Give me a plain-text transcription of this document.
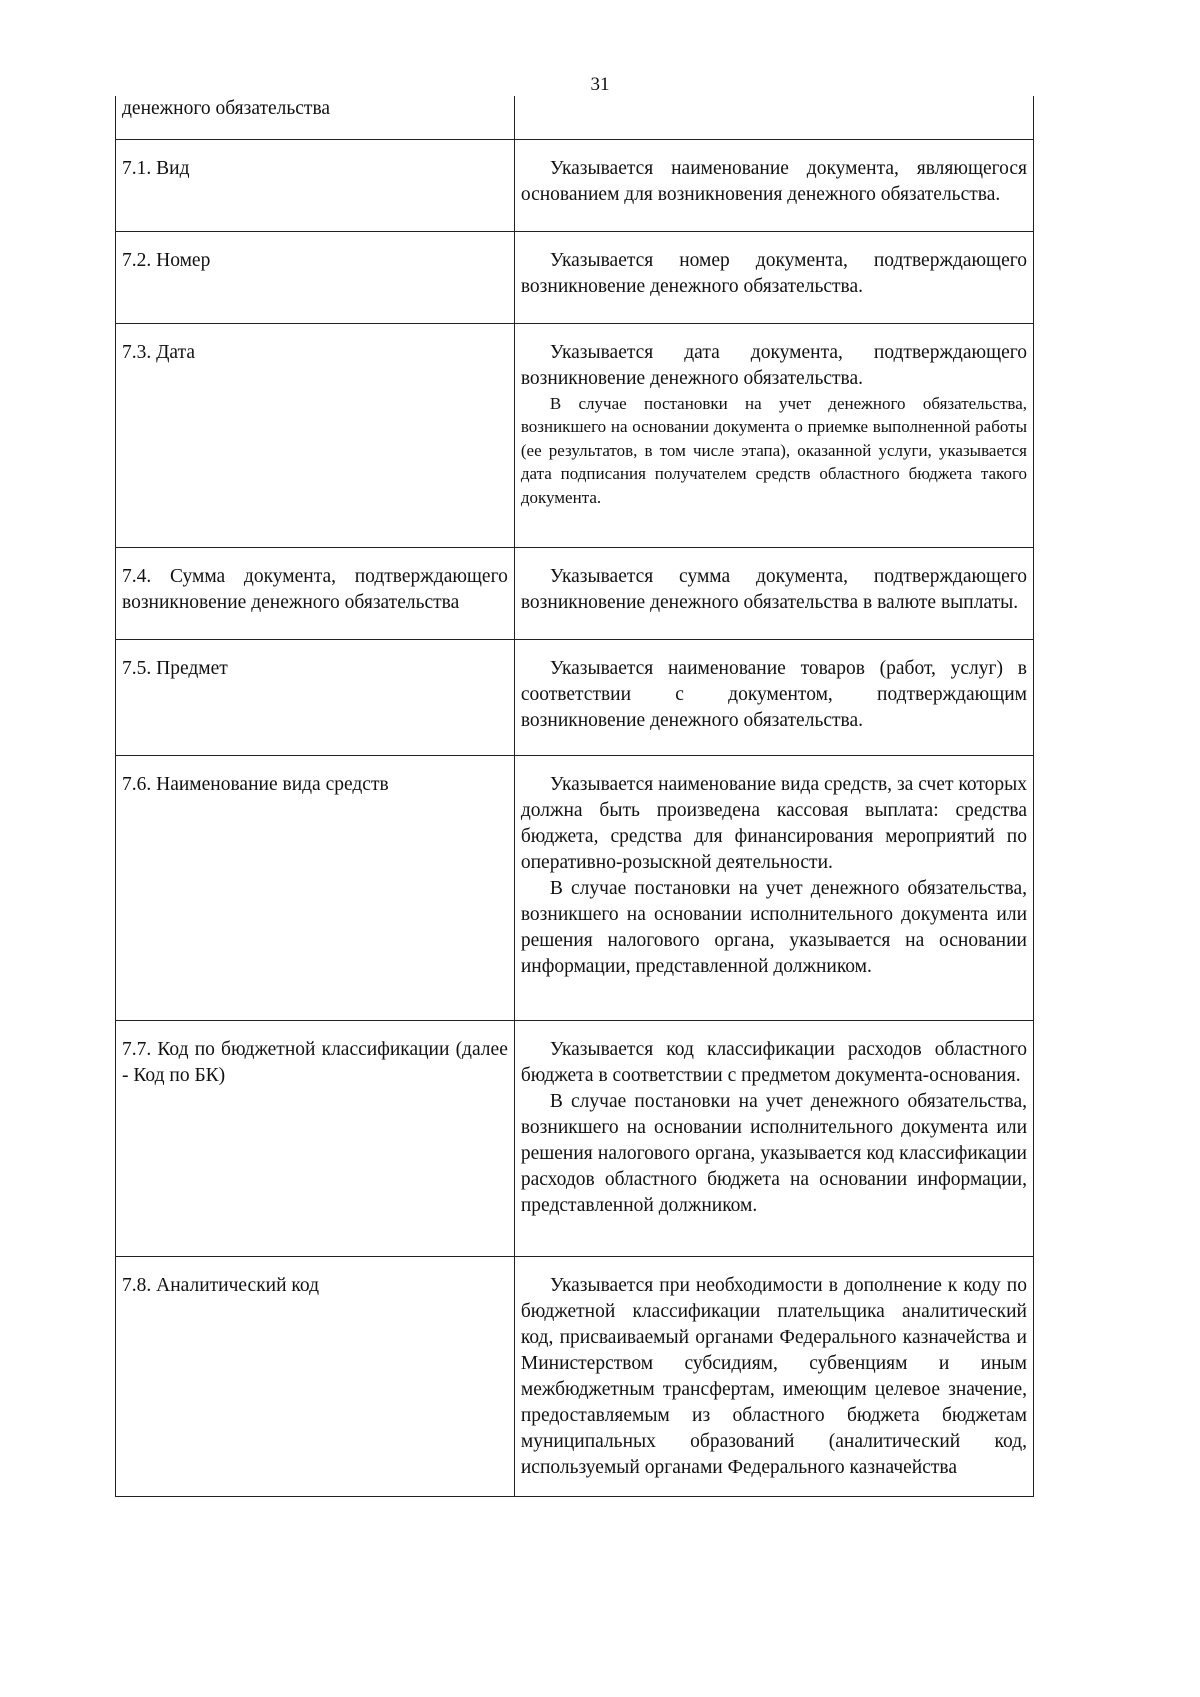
31
денежного обязательства	

7.1. Вид	Указывается наименование документа, являющегося основанием для возникновения денежного обязательства.

7.2. Номер	Указывается номер документа, подтверждающего возникновение денежного обязательства.

7.3. Дата	Указывается дата документа, подтверждающего возникновение денежного обязательства.

В случае постановки на учет денежного обязательства, возникшего на основании документа о приемке выполненной работы (ее результатов, в том числе этапа), оказанной услуги, указывается дата подписания получателем средств областного бюджета такого документа.

7.4. Сумма документа, подтверждающего возникновение денежного обязательства	Указывается сумма документа, подтверждающего возникновение денежного обязательства в валюте выплаты.

7.5. Предмет	Указывается наименование товаров (работ, услуг) в соответствии с документом, подтверждающим возникновение денежного обязательства.

7.6. Наименование вида средств	Указывается наименование вида средств, за счет которых должна быть произведена кассовая выплата: средства бюджета, средства для финансирования мероприятий по оперативно-розыскной деятельности.

В случае постановки на учет денежного обязательства, возникшего на основании исполнительного документа или решения налогового органа, указывается на основании информации, представленной должником.

7.7. Код по бюджетной классификации (далее - Код по БК)	Указывается код классификации расходов областного бюджета в соответствии с предметом документа-основания.

В случае постановки на учет денежного обязательства, возникшего на основании исполнительного документа или решения налогового органа, указывается код классификации расходов областного бюджета на основании информации, представленной должником.

7.8. Аналитический код	Указывается при необходимости в дополнение к коду по бюджетной классификации плательщика аналитический код, присваиваемый органами Федерального казначейства и Министерством субсидиям, субвенциям и иным межбюджетным трансфертам, имеющим целевое значение, предоставляемым из областного бюджета бюджетам муниципальных образований (аналитический код, используемый органами Федерального казначейства
